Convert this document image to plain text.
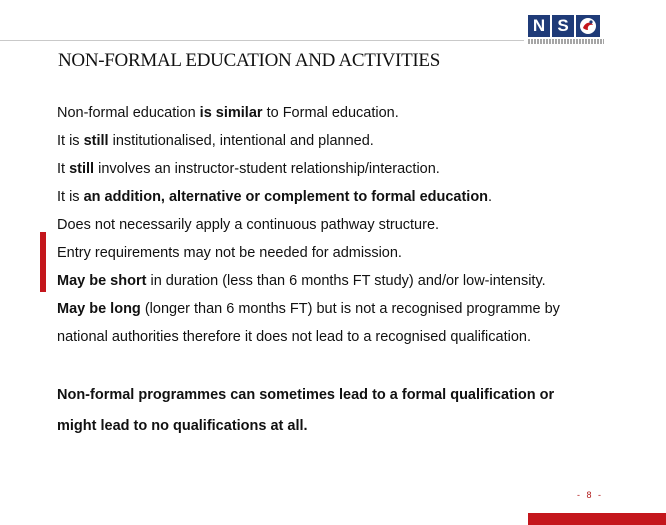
N S
NON-FORMAL EDUCATION AND ACTIVITIES

Non-formal education is similar to Formal education.

It is still institutionalised, intentional and planned.

It still involves an instructor-student relationship/interaction.

It is an addition, alternative or complement to formal education.

Does not necessarily apply a continuous pathway structure.

Entry requirements may not be needed for admission.

May be short in duration (less than 6 months FT study) and/or low-intensity.

May be long (longer than 6 months FT) but is not a recognised programme by

national authorities therefore it does not lead to a recognised qualification.

Non-formal programmes can sometimes lead to a formal qualification or

might lead to no qualifications at all.

- 8 -
